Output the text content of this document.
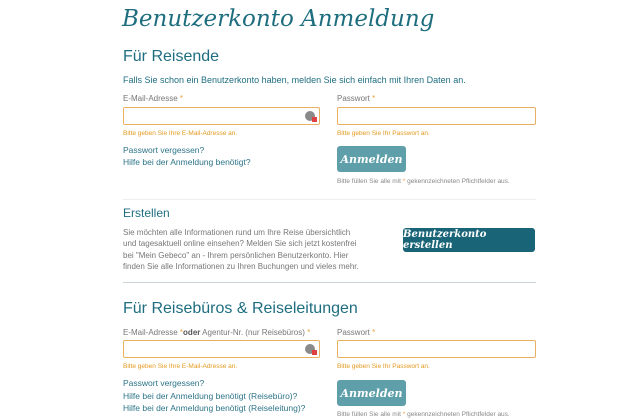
Benutzerkonto Anmeldung
Für Reisende
Falls Sie schon ein Benutzerkonto haben, melden Sie sich einfach mit Ihren Daten an.
E-Mail-Adresse *
Bitte geben Sie Ihre E-Mail-Adresse an.
Passwort vergessen?
Hilfe bei der Anmeldung benötigt?
Passwort *
Bitte geben Sie Ihr Passwort an.
Anmelden
Bitte füllen Sie alle mit * gekennzeichneten Pflichtfelder aus.
Erstellen
Sie möchten alle Informationen rund um Ihre Reise übersichtlich und tagesaktuell online einsehen? Melden Sie sich jetzt kostenfrei bei "Mein Gebeco" an - Ihrem persönlichen Benutzerkonto. Hier finden Sie alle Informationen zu Ihren Buchungen und vieles mehr.
Benutzerkonto erstellen
Für Reisebüros & Reiseleitungen
E-Mail-Adresse *oder Agentur-Nr. (nur Reisebüros) *
Bitte geben Sie Ihre E-Mail-Adresse an.
Passwort vergessen?
Hilfe bei der Anmeldung benötigt (Reisebüro)?
Hilfe bei der Anmeldung benötigt (Reiseleitung)?
Passwort *
Bitte geben Sie Ihr Passwort an.
Anmelden
Bitte füllen Sie alle mit * gekennzeichneten Pflichtfelder aus.
